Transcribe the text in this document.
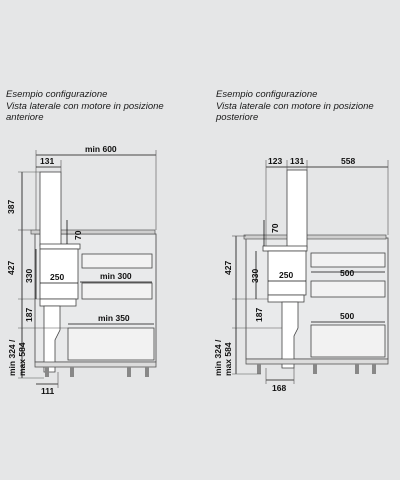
Esempio configurazione
Vista laterale con motore in posizione
anteriore
Esempio configurazione
Vista laterale con motore in posizione
posteriore
min 600
131
387
427
330
70
250	min 300
min 350
187
min 324 / max 584
111
123 131	558
70
427
330 250	500
500
187
min 324 / max 584
168
